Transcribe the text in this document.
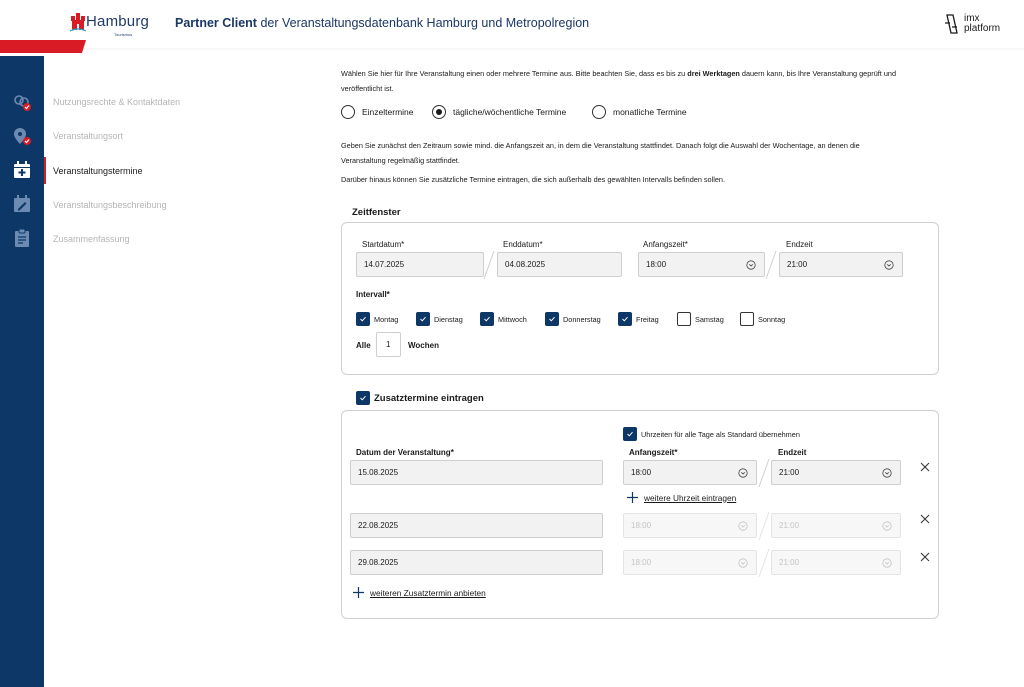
Hamburg
Tourismus
Partner Client der Veranstaltungsdatenbank Hamburg und Metropolregion	imx
platform
Nutzungsrechte & Kontaktdaten
Veranstaltungsort
Veranstaltungstermine
Veranstaltungsbeschreibung
Zusammenfassung
Wählen Sie hier für Ihre Veranstaltung einen oder mehrere Termine aus. Bitte beachten Sie, dass es bis zu drei Werktagen dauern kann, bis Ihre Veranstaltung geprüft und
veröffentlicht ist.
Einzeltermine	tägliche/wöchentliche Termine	monatliche Termine
Geben Sie zunächst den Zeitraum sowie mind. die Anfangszeit an, in dem die Veranstaltung stattfindet. Danach folgt die Auswahl der Wochentage, an denen die
Veranstaltung regelmäßig stattfindet.
Darüber hinaus können Sie zusätzliche Termine eintragen, die sich außerhalb des gewählten Intervalls befinden sollen.
Zeitfenster
Startdatum*
14.07.2025
Enddatum*
04.08.2025
Anfangszeit*
18:00
Endzeit
21:00
Intervall*
Montag	Dienstag	Mittwoch	Donnerstag	Freitag	Samstag	Sonntag
Alle	1	Wochen
Zusatztermine eintragen
Uhrzeiten für alle Tage als Standard übernehmen
Datum der Veranstaltung*	Anfangszeit*	Endzeit
15.08.2025	18:00	21:00
weitere Uhrzeit eintragen
22.08.2025	18:00	21:00
29.08.2025	18:00	21:00
weiteren Zusatztermin anbieten
